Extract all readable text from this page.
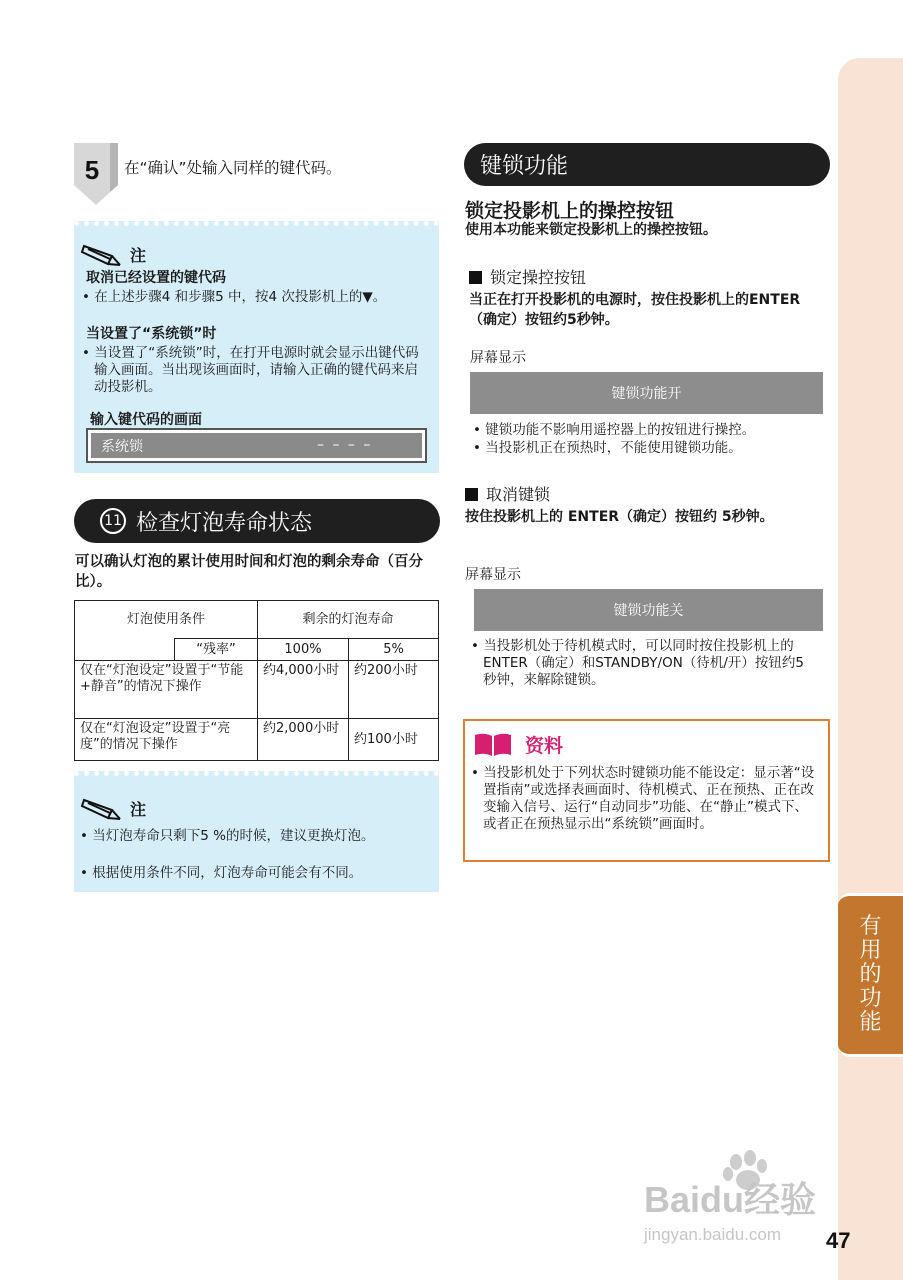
有
用
的
功
能
47
5 在“确认”处输入同样的键代码。
注
取消已经设置的键代码
• 在上述步骤4 和步骤5 中，按4 次投影机上的▼。
当设置了“系统锁”时
• 当设置了“系统锁”时，在打开电源时就会显示出键代码输入画面。当出现该画面时，请输入正确的键代码来启动投影机。
输入键代码的画面
系统锁	– – – –
11 检查灯泡寿命状态
可以确认灯泡的累计使用时间和灯泡的剩余寿命（百分比）。
灯泡使用条件		剩余的灯泡寿命	
	“残率”	100%	5%
仅在“灯泡设定”设置于“节能+静音”的情况下操作		约4,000小时	约200小时
仅在“灯泡设定”设置于“亮度”的情况下操作		约2,000小时	约100小时
注
• 当灯泡寿命只剩下5 %的时候，建议更换灯泡。
• 根据使用条件不同，灯泡寿命可能会有不同。
键锁功能
锁定投影机上的操控按钮
使用本功能来锁定投影机上的操控按钮。
锁定操控按钮
当正在打开投影机的电源时，按住投影机上的ENTER（确定）按钮约5秒钟。
屏幕显示
键锁功能开
• 键锁功能不影响用遥控器上的按钮进行操控。
• 当投影机正在预热时，不能使用键锁功能。
取消键锁
按住投影机上的 ENTER（确定）按钮约 5秒钟。
屏幕显示
键锁功能关
• 当投影机处于待机模式时，可以同时按住投影机上的ENTER（确定）和STANDBY/ON（待机/开）按钮约5秒钟，来解除键锁。
资料
• 当投影机处于下列状态时键锁功能不能设定：显示著“设置指南”或选择表画面时、待机模式、正在预热、正在改变输入信号、运行“自动同步”功能、在“静止”模式下、或者正在预热显示出“系统锁”画面时。
Baidu经验
jingyan.baidu.com
